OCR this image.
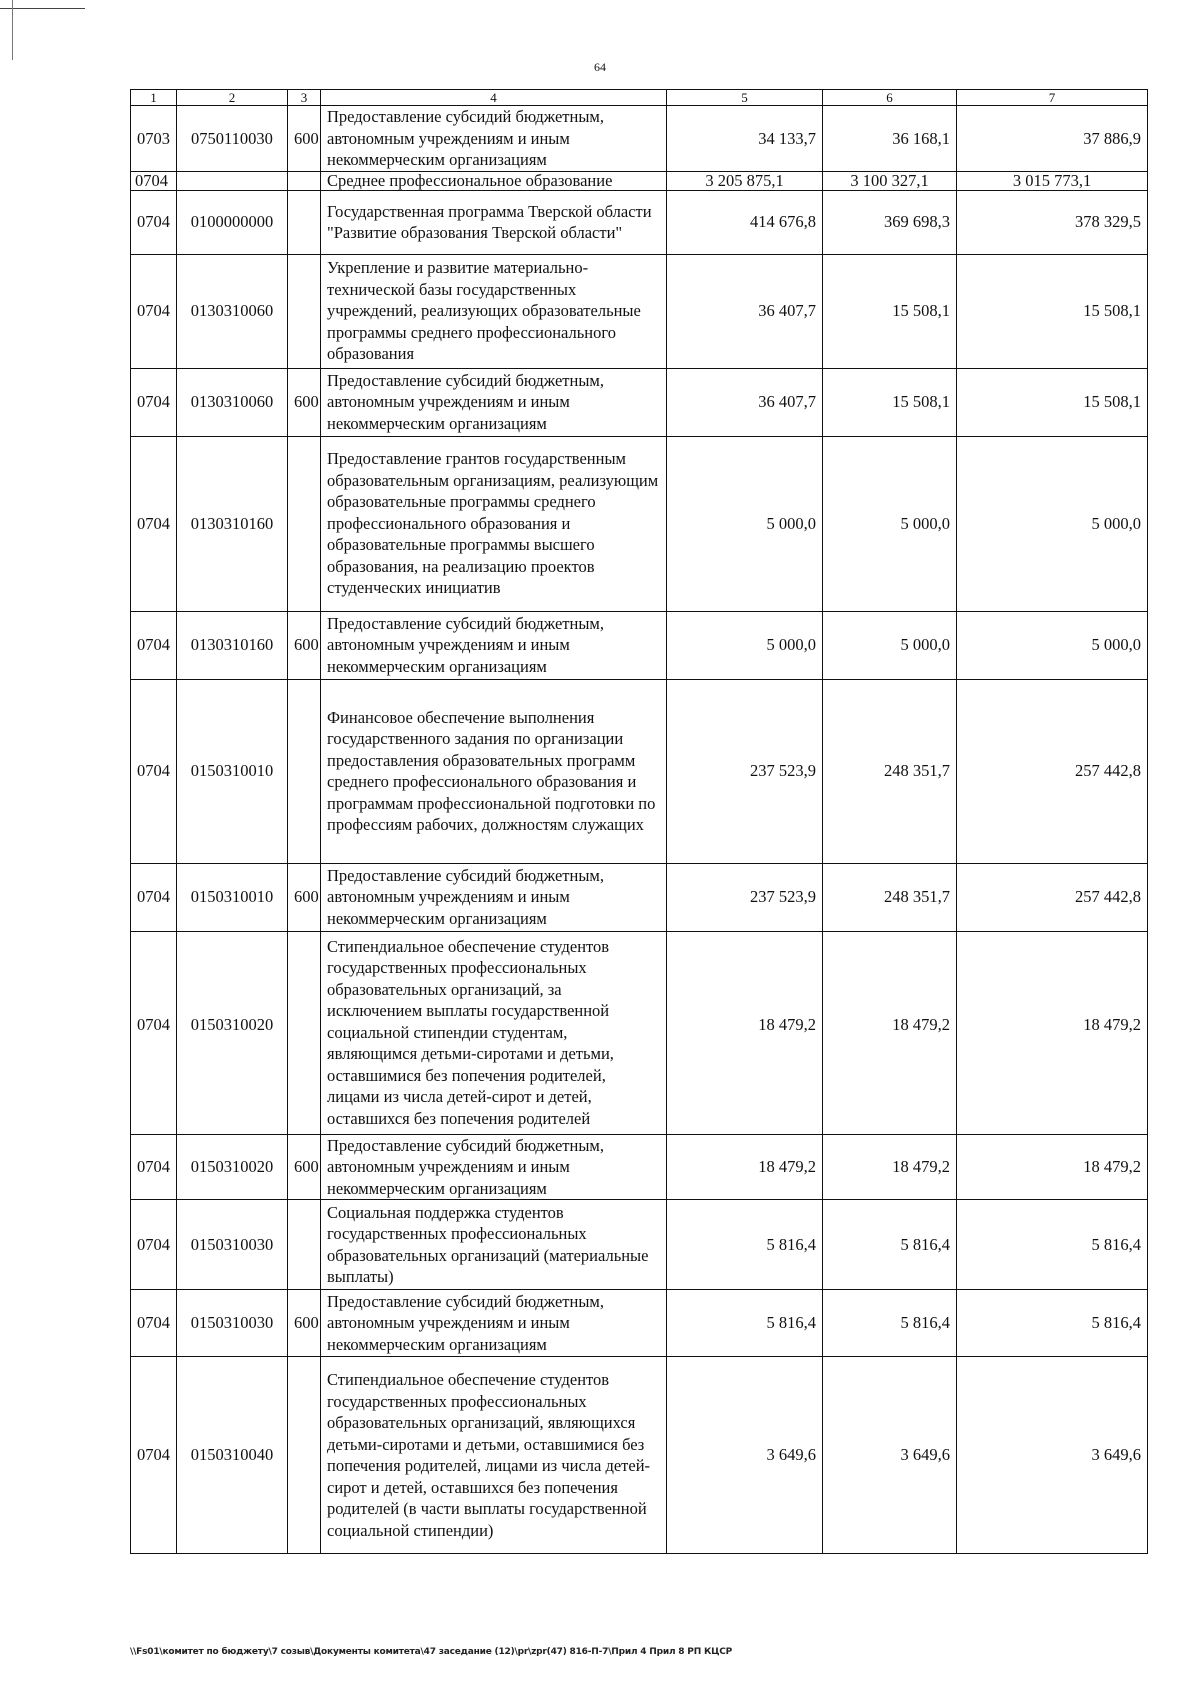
64
1	2	3	4	5	6	7
0703	0750110030	600	Предоставление субсидий бюджетным, автономным учреждениям и иным некоммерческим организациям	34 133,7	36 168,1	37 886,9
0704			Среднее профессиональное образование	3 205 875,1	3 100 327,1	3 015 773,1
0704	0100000000		Государственная программа Тверской области "Развитие образования Тверской области"	414 676,8	369 698,3	378 329,5
0704	0130310060		Укрепление и развитие материально-технической базы государственных учреждений, реализующих образовательные программы среднего профессионального образования	36 407,7	15 508,1	15 508,1
0704	0130310060	600	Предоставление субсидий бюджетным, автономным учреждениям и иным некоммерческим организациям	36 407,7	15 508,1	15 508,1
0704	0130310160		Предоставление грантов государственным образовательным организациям, реализующим образовательные программы среднего профессионального образования и образовательные программы высшего образования, на реализацию проектов студенческих инициатив	5 000,0	5 000,0	5 000,0
0704	0130310160	600	Предоставление субсидий бюджетным, автономным учреждениям и иным некоммерческим организациям	5 000,0	5 000,0	5 000,0
0704	0150310010		Финансовое обеспечение выполнения государственного задания по организации предоставления образовательных программ среднего профессионального образования и программам профессиональной подготовки по профессиям рабочих, должностям служащих	237 523,9	248 351,7	257 442,8
0704	0150310010	600	Предоставление субсидий бюджетным, автономным учреждениям и иным некоммерческим организациям	237 523,9	248 351,7	257 442,8
0704	0150310020		Стипендиальное обеспечение студентов государственных профессиональных образовательных организаций, за исключением выплаты государственной социальной стипендии студентам, являющимся детьми-сиротами и детьми, оставшимися без попечения родителей, лицами из числа детей-сирот и детей, оставшихся без попечения родителей	18 479,2	18 479,2	18 479,2
0704	0150310020	600	Предоставление субсидий бюджетным, автономным учреждениям и иным некоммерческим организациям	18 479,2	18 479,2	18 479,2
0704	0150310030		Социальная поддержка студентов государственных профессиональных образовательных организаций (материальные выплаты)	5 816,4	5 816,4	5 816,4
0704	0150310030	600	Предоставление субсидий бюджетным, автономным учреждениям и иным некоммерческим организациям	5 816,4	5 816,4	5 816,4
0704	0150310040		Стипендиальное обеспечение студентов государственных профессиональных образовательных организаций, являющихся детьми-сиротами и детьми, оставшимися без попечения родителей, лицами из числа детей-сирот и детей, оставшихся без попечения родителей (в части выплаты государственной социальной стипендии)	3 649,6	3 649,6	3 649,6
\\Fs01\комитет по бюджету\7 созыв\Документы комитета\47 заседание (12)\pr\zpr(47) 816-П-7\Прил 4 Прил 8 РП КЦСР
